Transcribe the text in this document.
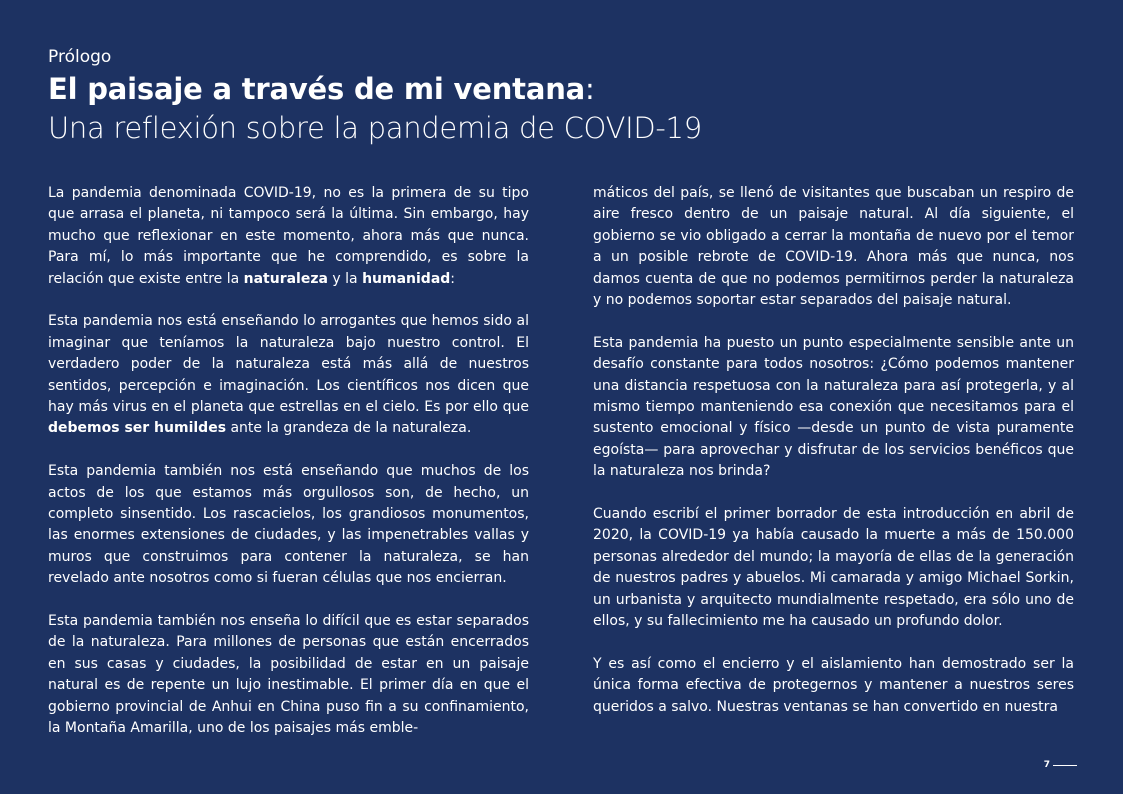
Prólogo
El paisaje a través de mi ventana:
Una reflexión sobre la pandemia de COVID-19

La pandemia denominada COVID-19, no es la primera de su tipo que arrasa el planeta, ni tampoco será la última. Sin embargo, hay mucho que reflexionar en este momento, ahora más que nunca. Para mí, lo más importante que he comprendido, es sobre la relación que existe entre la naturaleza y la humanidad:

Esta pandemia nos está enseñando lo arrogantes que hemos sido al imaginar que teníamos la naturaleza bajo nuestro control. El verdadero poder de la naturaleza está más allá de nuestros sentidos, percepción e imaginación. Los científicos nos dicen que hay más virus en el planeta que estrellas en el cielo. Es por ello que debemos ser humildes ante la grandeza de la naturaleza.

Esta pandemia también nos está enseñando que muchos de los actos de los que estamos más orgullosos son, de hecho, un completo sinsentido. Los rascacielos, los grandiosos monumentos, las enormes extensiones de ciudades, y las impenetrables vallas y muros que construimos para contener la naturaleza, se han revelado ante nosotros como si fueran células que nos encierran.

Esta pandemia también nos enseña lo difícil que es estar separados de la naturaleza. Para millones de personas que están encerrados en sus casas y ciudades, la posibilidad de estar en un paisaje natural es de repente un lujo inestimable. El primer día en que el gobierno provincial de Anhui en China puso fin a su confinamiento, la Montaña Amarilla, uno de los paisajes más emble-

máticos del país, se llenó de visitantes que buscaban un respiro de aire fresco dentro de un paisaje natural. Al día siguiente, el gobierno se vio obligado a cerrar la montaña de nuevo por el temor a un posible rebrote de COVID-19. Ahora más que nunca, nos damos cuenta de que no podemos permitirnos perder la naturaleza y no podemos soportar estar separados del paisaje natural.

Esta pandemia ha puesto un punto especialmente sensible ante un desafío constante para todos nosotros: ¿Cómo podemos mantener una distancia respetuosa con la naturaleza para así protegerla, y al mismo tiempo manteniendo esa conexión que necesitamos para el sustento emocional y físico —desde un punto de vista puramente egoísta— para aprovechar y disfrutar de los servicios benéficos que la naturaleza nos brinda?

Cuando escribí el primer borrador de esta introducción en abril de 2020, la COVID-19 ya había causado la muerte a más de 150.000 personas alrededor del mundo; la mayoría de ellas de la generación de nuestros padres y abuelos. Mi camarada y amigo Michael Sorkin, un urbanista y arquitecto mundialmente respetado, era sólo uno de ellos, y su fallecimiento me ha causado un profundo dolor.

Y es así como el encierro y el aislamiento han demostrado ser la única forma efectiva de protegernos y mantener a nuestros seres queridos a salvo. Nuestras ventanas se han convertido en nuestra

7
